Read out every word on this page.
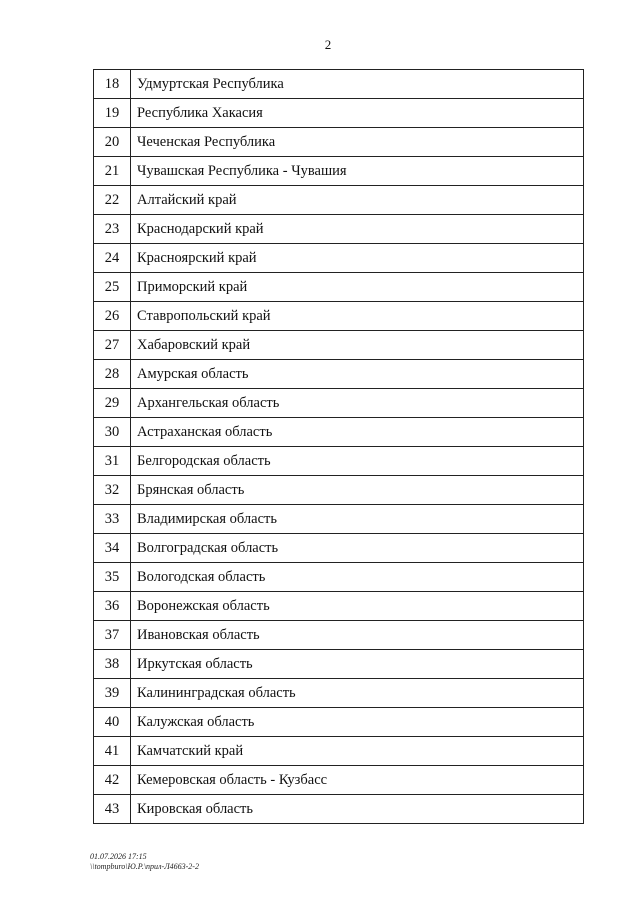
2
18	Удмуртская Республика
19	Республика Хакасия
20	Чеченская Республика
21	Чувашская Республика - Чувашия
22	Алтайский край
23	Краснодарский край
24	Красноярский край
25	Приморский край
26	Ставропольский край
27	Хабаровский край
28	Амурская область
29	Архангельская область
30	Астраханская область
31	Белгородская область
32	Брянская область
33	Владимирская область
34	Волгоградская область
35	Вологодская область
36	Воронежская область
37	Ивановская область
38	Иркутская область
39	Калининградская область
40	Калужская область
41	Камчатский край
42	Кемеровская область - Кузбасс
43	Кировская область
01.07.2026 17:15
\\tompburo\Ю.Р.\прил-Л4663-2-2
